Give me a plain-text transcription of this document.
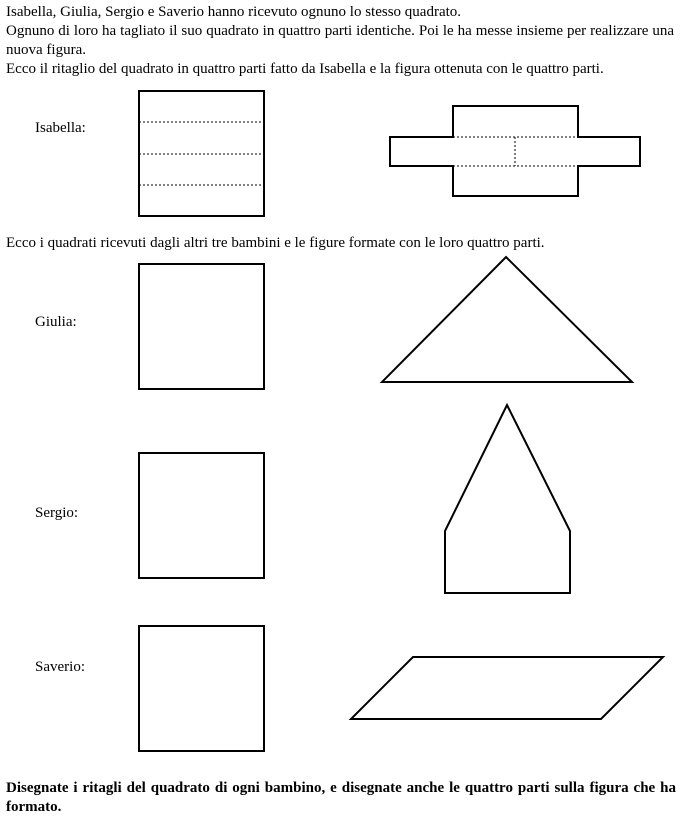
Isabella, Giulia, Sergio e Saverio hanno ricevuto ognuno lo stesso quadrato.

Ognuno di loro ha tagliato il suo quadrato in quattro parti identiche. Poi le ha messe insieme per realizzare una nuova figura.

Ecco il ritaglio del quadrato in quattro parti fatto da Isabella e la figura ottenuta con le quattro parti.

Isabella:

Ecco i quadrati ricevuti dagli altri tre bambini e le figure formate con le loro quattro parti.

Giulia:
Sergio:
Saverio:

Disegnate i ritagli del quadrato di ogni bambino, e disegnate anche le quattro parti sulla figura che ha formato.
